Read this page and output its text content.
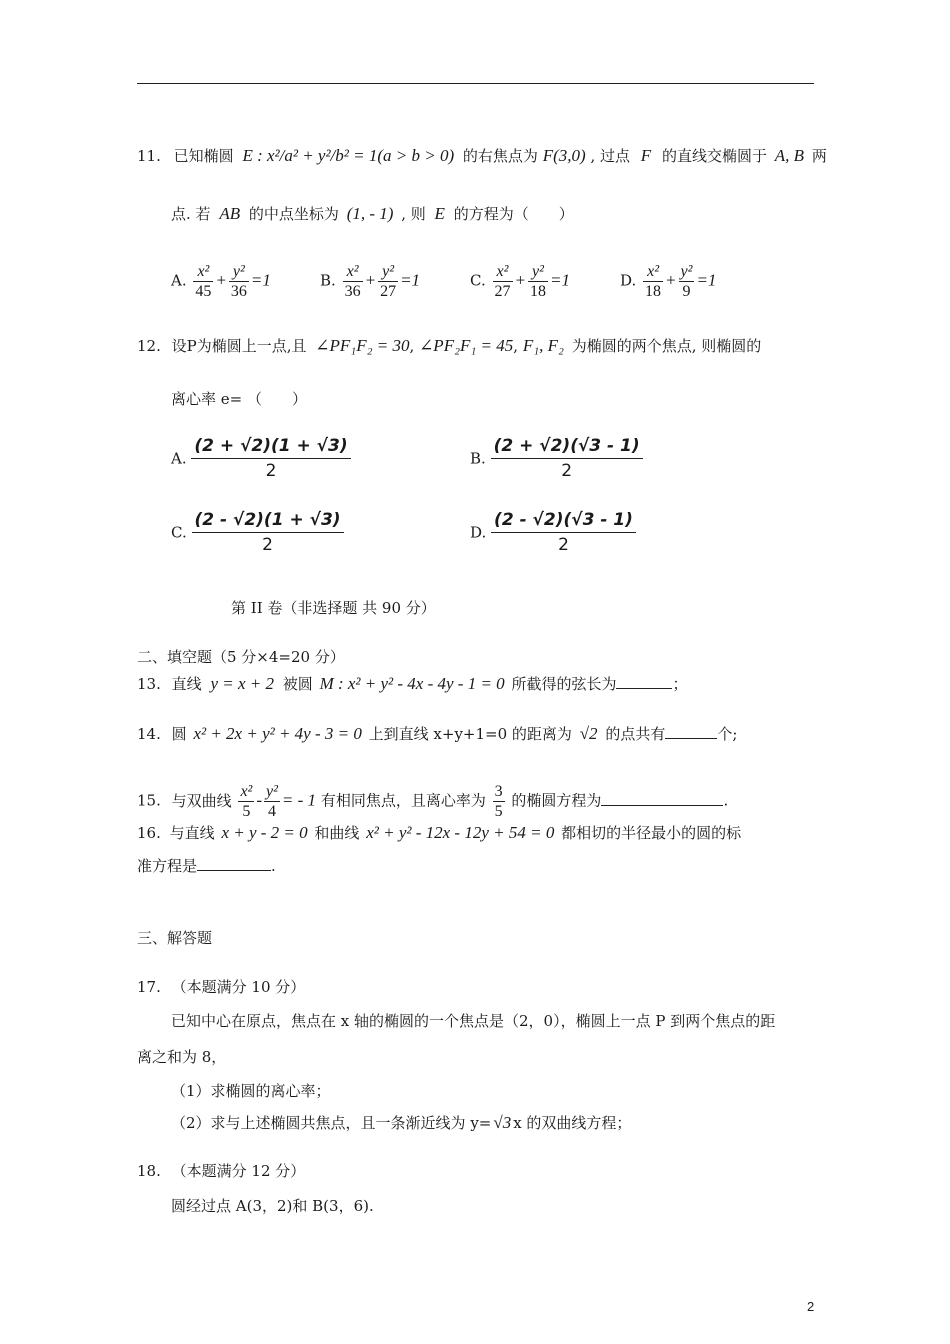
11. 已知椭圆 E : x²/a² + y²/b² = 1(a > b > 0) 的右焦点为 F(3,0) , 过点 F 的直线交椭圆于 A, B 两
点. 若 AB 的中点坐标为 (1, - 1) , 则 E 的方程为（　　）
A. $\frac{\text{x²}}{45} + \frac{\text{y²}}{36} =1$	B. $\frac{\text{x²}}{36} + \frac{\text{y²}}{27} =1$	C. $\frac{\text{x²}}{27} + \frac{\text{y²}}{18} =1$	D. $\frac{\text{x²}}{18} + \frac{\text{y²}}{9} =1$
12. 设P为椭圆上一点,且 ∠PF₁F₂ = 30, ∠PF₂F₁ = 45, F₁, F₂ 为椭圆的两个焦点, 则椭圆的
离心率 e= （　　）
A. $\frac{(2 + √2)(1 + √3)}{2}$	B. $\frac{(2 + √2)(√3 - 1)}{2}$
C. $\frac{(2 - √2)(1 + √3)}{2}$	D. $\frac{(2 - √2)(√3 - 1)}{2}$
第 II 卷（非选择题 共 90 分）
二、填空题（5 分×4=20 分）
13. 直线 y = x + 2 被圆 M : x² + y² - 4x - 4y - 1 = 0 所截得的弦长为	；
14. 圆 x² + 2x + y² + 4y - 3 = 0 上到直线 x+y+1=0 的距离为 √2 的点共有	个;
15. 与双曲线 $\frac{\text{x²}}{5} - \frac{\text{y²}}{4}$ = - 1 有相同焦点，且离心率为 $\frac{3}{5}$ 的椭圆方程为	.
16. 与直线 x + y - 2 = 0 和曲线 x² + y² - 12x - 12y + 54 = 0 都相切的半径最小的圆的标
准方程是	.
三、解答题
17. （本题满分 10 分）
已知中心在原点，焦点在 x 轴的椭圆的一个焦点是（2，0），椭圆上一点 P 到两个焦点的距
离之和为 8，
（1）求椭圆的离心率；
（2）求与上述椭圆共焦点，且一条渐近线为 y= √3 x 的双曲线方程；
18. （本题满分 12 分）
圆经过点 A(3，2)和 B(3，6).
2
